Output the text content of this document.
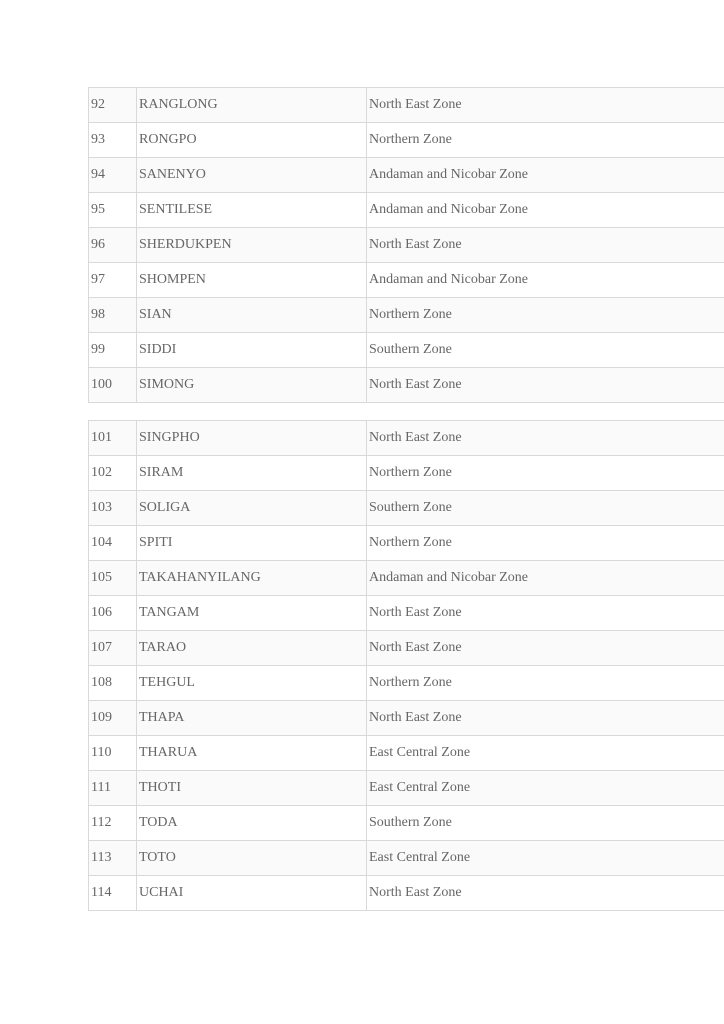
92	RANGLONG	North East Zone
93	RONGPO	Northern Zone
94	SANENYO	Andaman and Nicobar Zone
95	SENTILESE	Andaman and Nicobar Zone
96	SHERDUKPEN	North East Zone
97	SHOMPEN	Andaman and Nicobar Zone
98	SIAN	Northern Zone
99	SIDDI	Southern Zone
100	SIMONG	North East Zone
101	SINGPHO	North East Zone
102	SIRAM	Northern Zone
103	SOLIGA	Southern Zone
104	SPITI	Northern Zone
105	TAKAHANYILANG	Andaman and Nicobar Zone
106	TANGAM	North East Zone
107	TARAO	North East Zone
108	TEHGUL	Northern Zone
109	THAPA	North East Zone
110	THARUA	East Central Zone
111	THOTI	East Central Zone
112	TODA	Southern Zone
113	TOTO	East Central Zone
114	UCHAI	North East Zone
